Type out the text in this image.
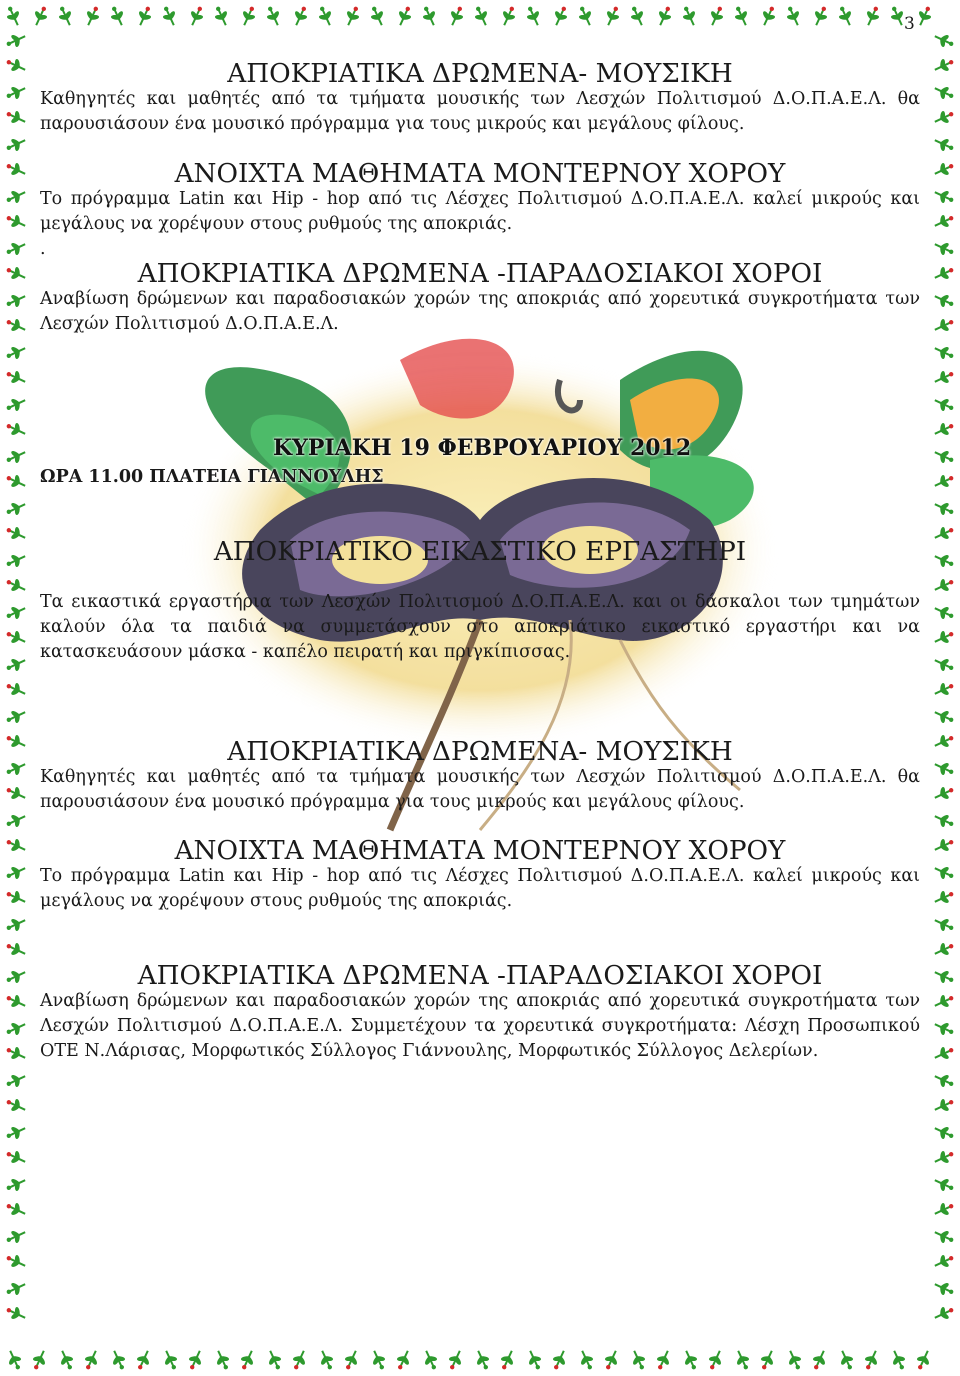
3
ΑΠΟΚΡΙΑΤΙΚΑ ΔΡΩΜΕΝΑ- ΜΟΥΣΙΚΗ

Καθηγητές και μαθητές από τα τμήματα μουσικής των Λεσχών Πολιτισμού Δ.Ο.Π.Α.Ε.Λ. θα παρουσιάσουν ένα μουσικό πρόγραμμα για τους μικρούς και μεγάλους φίλους.

ΑΝΟΙΧΤΑ ΜΑΘΗΜΑΤΑ ΜΟΝΤΕΡΝΟΥ ΧΟΡΟΥ

Το πρόγραμμα Latin και Hip - hop από τις Λέσχες Πολιτισμού Δ.Ο.Π.Α.Ε.Λ. καλεί μικρούς και μεγάλους να χορέψουν στους ρυθμούς της αποκριάς.

.

ΑΠΟΚΡΙΑΤΙΚΑ ΔΡΩΜΕΝΑ -ΠΑΡΑΔΟΣΙΑΚΟΙ ΧΟΡΟΙ

Αναβίωση δρώμενων και παραδοσιακών χορών της αποκριάς από χορευτικά συγκροτήματα των Λεσχών Πολιτισμού Δ.Ο.Π.Α.Ε.Λ.

ΚΥΡΙΑΚΗ 19 ΦΕΒΡΟΥΑΡΙΟΥ 2012
ΩΡΑ 11.00 ΠΛΑΤΕΙΑ ΓΙΑΝΝΟΥΛΗΣ
ΑΠΟΚΡΙΑΤΙΚΟ ΕΙΚΑΣΤΙΚΟ ΕΡΓΑΣΤΗΡΙ

Τα εικαστικά εργαστήρια των Λεσχών Πολιτισμού Δ.Ο.Π.Α.Ε.Λ. και οι δάσκαλοι των τμημάτων καλούν όλα τα παιδιά να συμμετάσχουν στο αποκριάτικο εικαστικό εργαστήρι και να κατασκευάσουν μάσκα - καπέλο πειρατή και πριγκίπισσας.

ΑΠΟΚΡΙΑΤΙΚΑ ΔΡΩΜΕΝΑ- ΜΟΥΣΙΚΗ

Καθηγητές και μαθητές από τα τμήματα μουσικής των Λεσχών Πολιτισμού Δ.Ο.Π.Α.Ε.Λ. θα παρουσιάσουν ένα μουσικό πρόγραμμα για τους μικρούς και μεγάλους φίλους.

ΑΝΟΙΧΤΑ ΜΑΘΗΜΑΤΑ ΜΟΝΤΕΡΝΟΥ ΧΟΡΟΥ

Το πρόγραμμα Latin και Hip - hop από τις Λέσχες Πολιτισμού Δ.Ο.Π.Α.Ε.Λ. καλεί μικρούς και μεγάλους να χορέψουν στους ρυθμούς της αποκριάς.

ΑΠΟΚΡΙΑΤΙΚΑ ΔΡΩΜΕΝΑ -ΠΑΡΑΔΟΣΙΑΚΟΙ ΧΟΡΟΙ

Αναβίωση δρώμενων και παραδοσιακών χορών της αποκριάς από χορευτικά συγκροτήματα των Λεσχών Πολιτισμού Δ.Ο.Π.Α.Ε.Λ. Συμμετέχουν τα χορευτικά συγκροτήματα: Λέσχη Προσωπικού ΟΤΕ Ν.Λάρισας, Μορφωτικός Σύλλογος Γιάννουλης, Μορφωτικός Σύλλογος Δελερίων.
